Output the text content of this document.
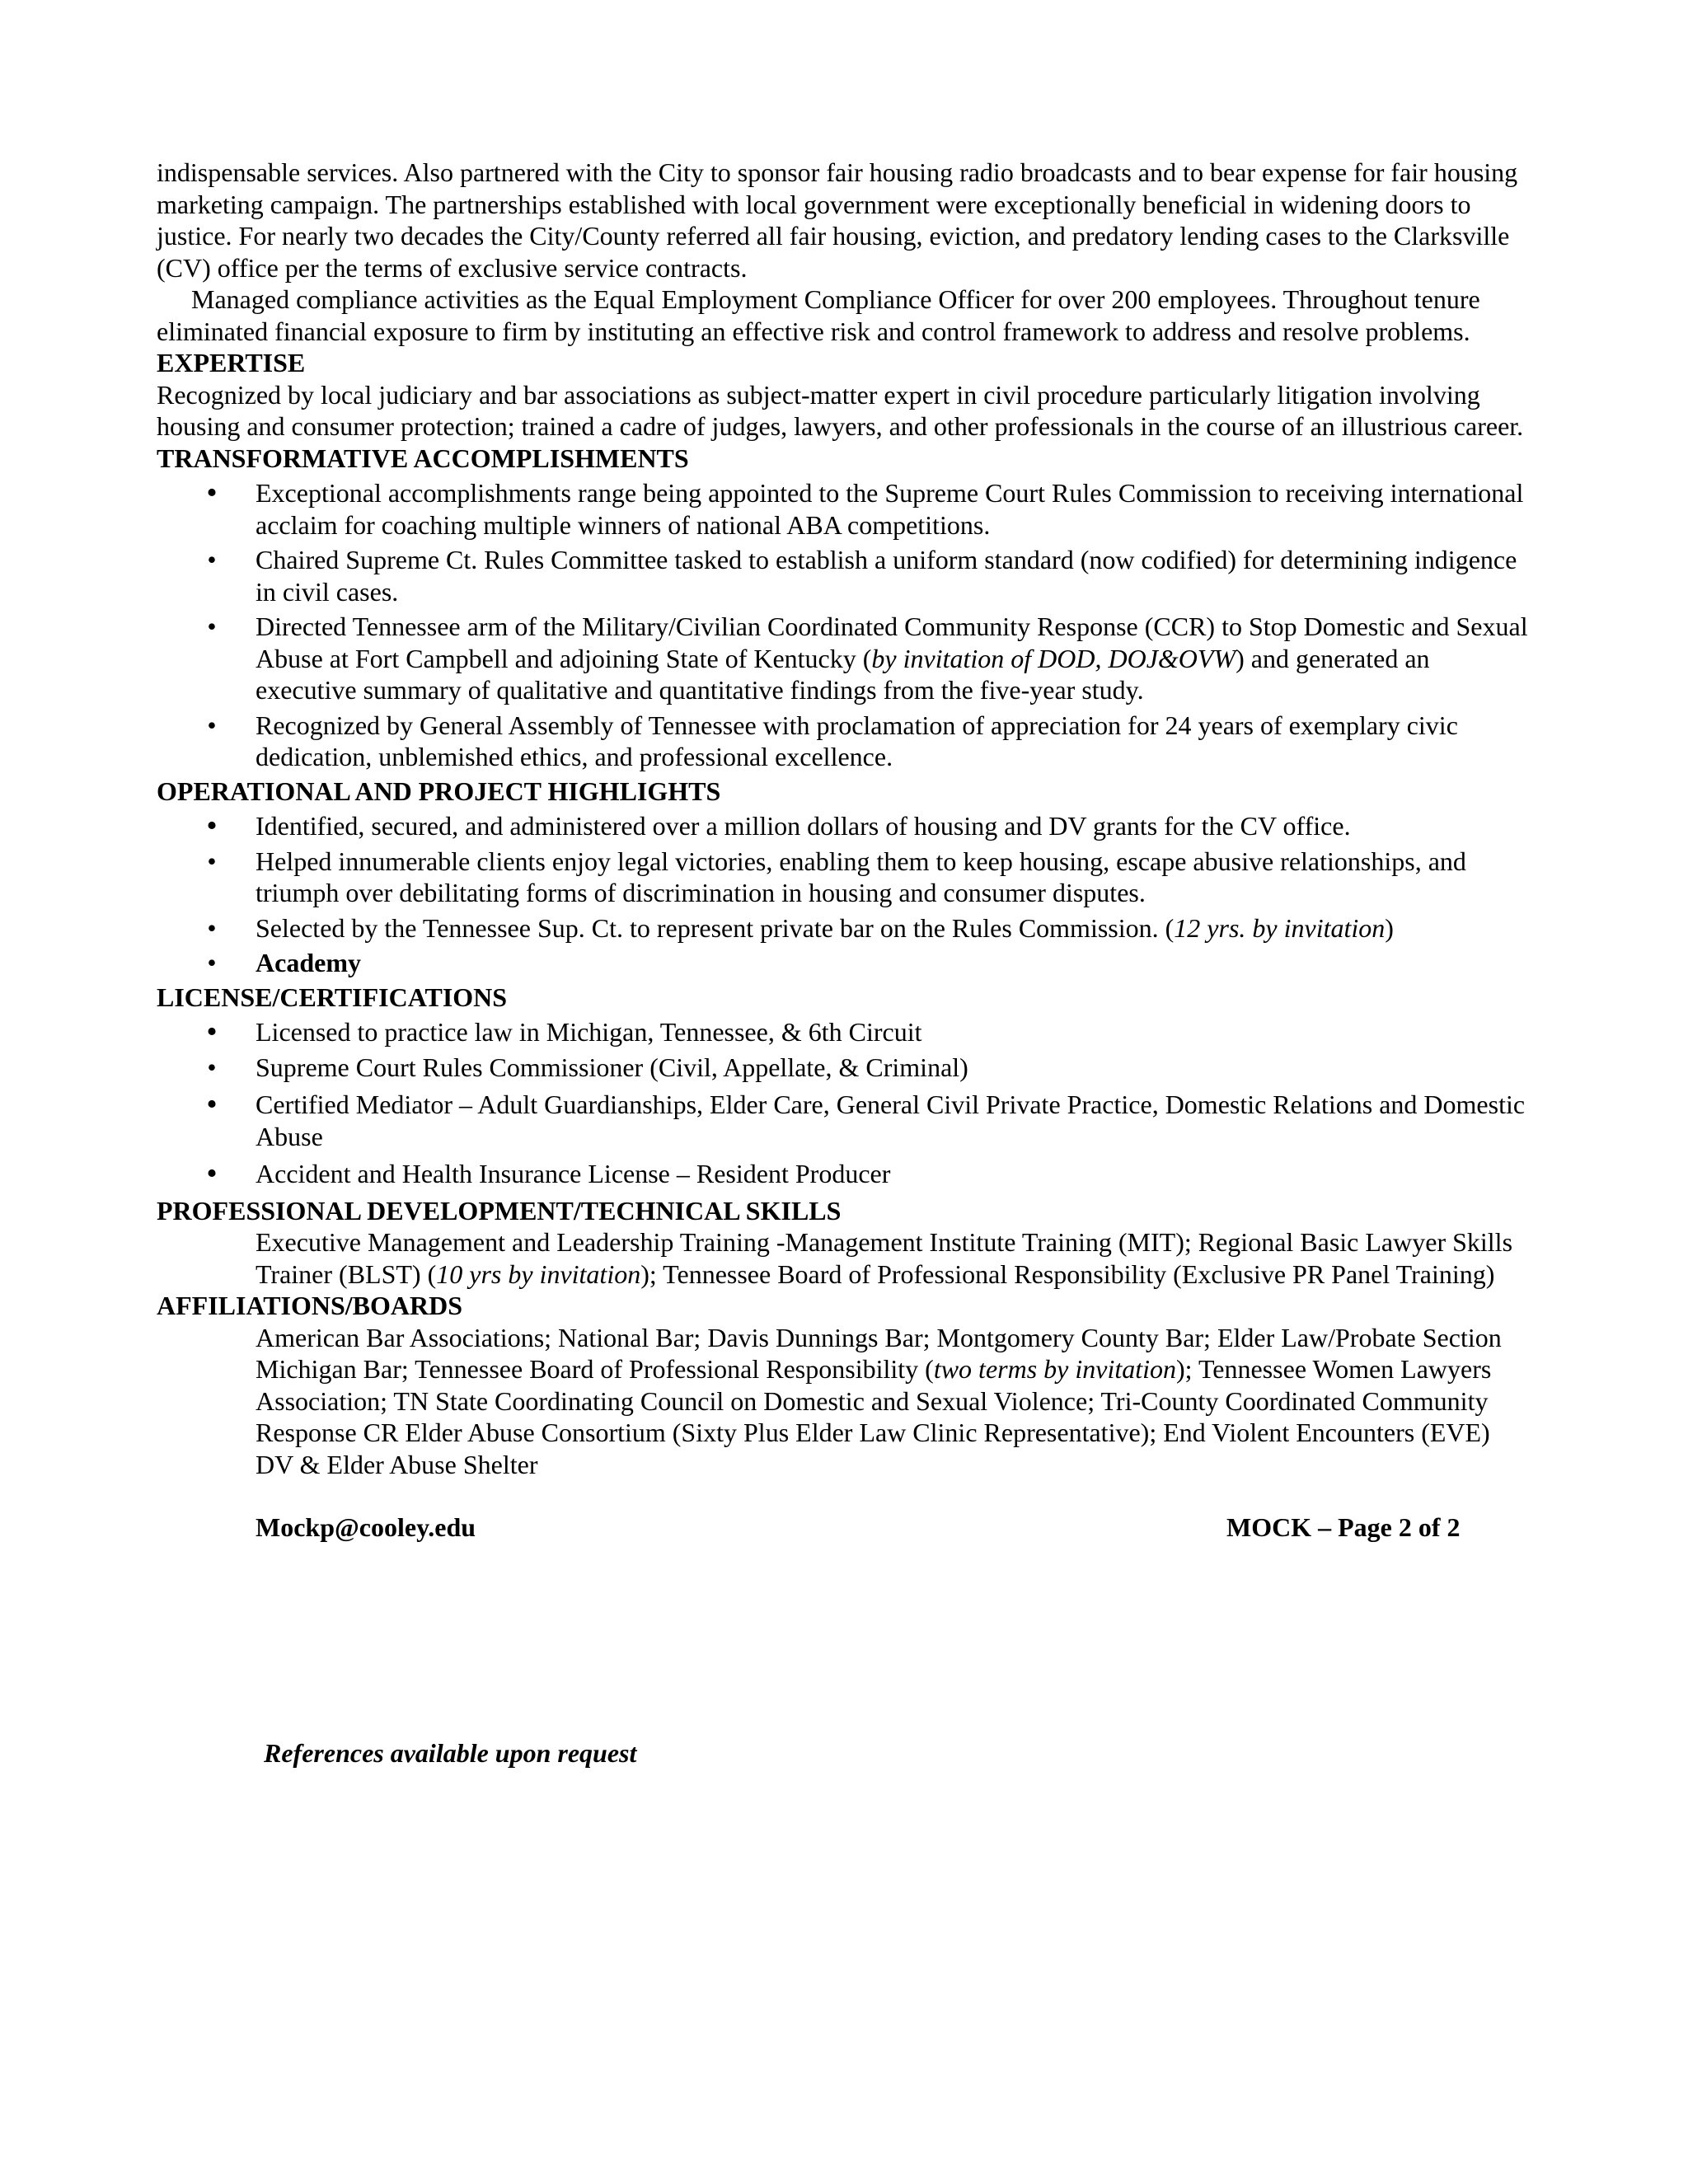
indispensable services. Also partnered with the City to sponsor fair housing radio broadcasts and to bear expense for fair housing marketing campaign. The partnerships established with local government were exceptionally beneficial in widening doors to justice. For nearly two decades the City/County referred all fair housing, eviction, and predatory lending cases to the Clarksville (CV) office per the terms of exclusive service contracts.

Managed compliance activities as the Equal Employment Compliance Officer for over 200 employees. Throughout tenure eliminated financial exposure to firm by instituting an effective risk and control framework to address and resolve problems.

EXPERTISE

Recognized by local judiciary and bar associations as subject-matter expert in civil procedure particularly litigation involving housing and consumer protection; trained a cadre of judges, lawyers, and other professionals in the course of an illustrious career.

TRANSFORMATIVE ACCOMPLISHMENTS

• Exceptional accomplishments range being appointed to the Supreme Court Rules Commission to receiving international acclaim for coaching multiple winners of national ABA competitions.
• Chaired Supreme Ct. Rules Committee tasked to establish a uniform standard (now codified) for determining indigence in civil cases.
• Directed Tennessee arm of the Military/Civilian Coordinated Community Response (CCR) to Stop Domestic and Sexual Abuse at Fort Campbell and adjoining State of Kentucky (by invitation of DOD, DOJ&OVW) and generated an executive summary of qualitative and quantitative findings from the five-year study.
• Recognized by General Assembly of Tennessee with proclamation of appreciation for 24 years of exemplary civic dedication, unblemished ethics, and professional excellence.

OPERATIONAL AND PROJECT HIGHLIGHTS

• Identified, secured, and administered over a million dollars of housing and DV grants for the CV office.
• Helped innumerable clients enjoy legal victories, enabling them to keep housing, escape abusive relationships, and triumph over debilitating forms of discrimination in housing and consumer disputes.
• Selected by the Tennessee Sup. Ct. to represent private bar on the Rules Commission. (12 yrs. by invitation)
• Academy

LICENSE/CERTIFICATIONS

• Licensed to practice law in Michigan, Tennessee, & 6th Circuit
• Supreme Court Rules Commissioner (Civil, Appellate, & Criminal)
• Certified Mediator – Adult Guardianships, Elder Care, General Civil Private Practice, Domestic Relations and Domestic Abuse
• Accident and Health Insurance License – Resident Producer

PROFESSIONAL DEVELOPMENT/TECHNICAL SKILLS

Executive Management and Leadership Training -Management Institute Training (MIT); Regional Basic Lawyer Skills Trainer (BLST) (10 yrs by invitation); Tennessee Board of Professional Responsibility (Exclusive PR Panel Training)

AFFILIATIONS/BOARDS

American Bar Associations; National Bar; Davis Dunnings Bar; Montgomery County Bar; Elder Law/Probate Section Michigan Bar; Tennessee Board of Professional Responsibility (two terms by invitation); Tennessee Women Lawyers Association; TN State Coordinating Council on Domestic and Sexual Violence; Tri-County Coordinated Community Response CR Elder Abuse Consortium (Sixty Plus Elder Law Clinic Representative); End Violent Encounters (EVE) DV & Elder Abuse Shelter

Mockp@cooley.edu	MOCK – Page 2 of 2
References available upon request
